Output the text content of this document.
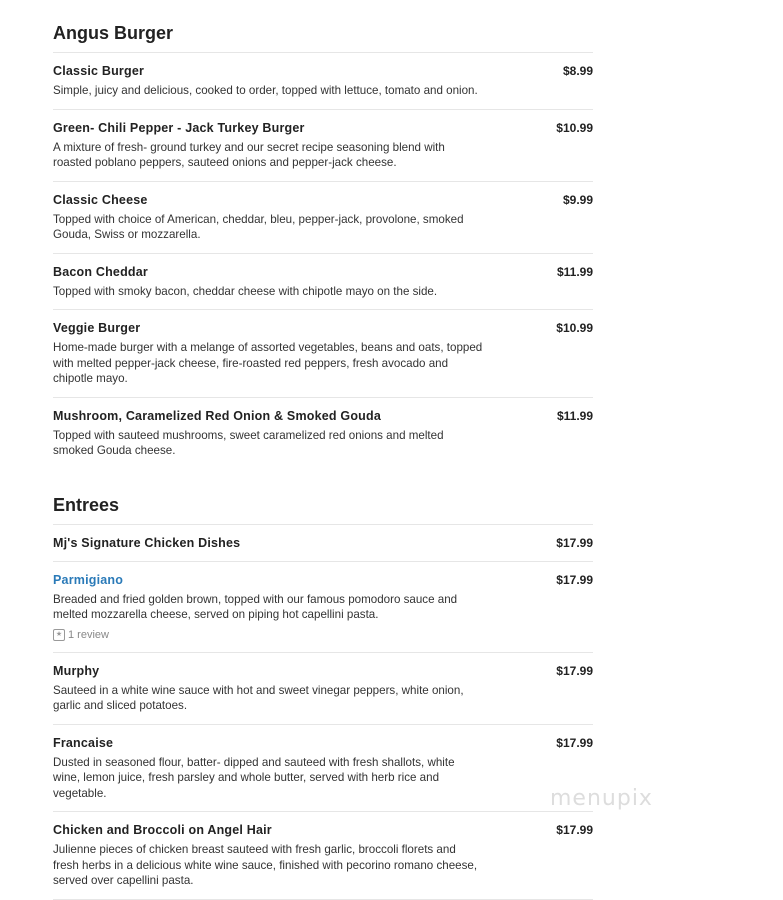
Angus Burger
Classic Burger	$8.99
Simple, juicy and delicious, cooked to order, topped with lettuce, tomato and onion.
Green- Chili Pepper - Jack Turkey Burger	$10.99
A mixture of fresh- ground turkey and our secret recipe seasoning blend with roasted poblano peppers, sauteed onions and pepper-jack cheese.
Classic Cheese	$9.99
Topped with choice of American, cheddar, bleu, pepper-jack, provolone, smoked Gouda, Swiss or mozzarella.
Bacon Cheddar	$11.99
Topped with smoky bacon, cheddar cheese with chipotle mayo on the side.
Veggie Burger	$10.99
Home-made burger with a melange of assorted vegetables, beans and oats, topped with melted pepper-jack cheese, fire-roasted red peppers, fresh avocado and chipotle mayo.
Mushroom, Caramelized Red Onion & Smoked Gouda	$11.99
Topped with sauteed mushrooms, sweet caramelized red onions and melted smoked Gouda cheese.
Entrees
Mj's Signature Chicken Dishes	$17.99
Parmigiano	$17.99
Breaded and fried golden brown, topped with our famous pomodoro sauce and melted mozzarella cheese, served on piping hot capellini pasta.
★ 1 review
Murphy	$17.99
Sauteed in a white wine sauce with hot and sweet vinegar peppers, white onion, garlic and sliced potatoes.
Francaise	$17.99
Dusted in seasoned flour, batter- dipped and sauteed with fresh shallots, white wine, lemon juice, fresh parsley and whole butter, served with herb rice and vegetable.
Chicken and Broccoli on Angel Hair	$17.99
Julienne pieces of chicken breast sauteed with fresh garlic, broccoli florets and fresh herbs in a delicious white wine sauce, finished with pecorino romano cheese, served over capellini pasta.
menupix
